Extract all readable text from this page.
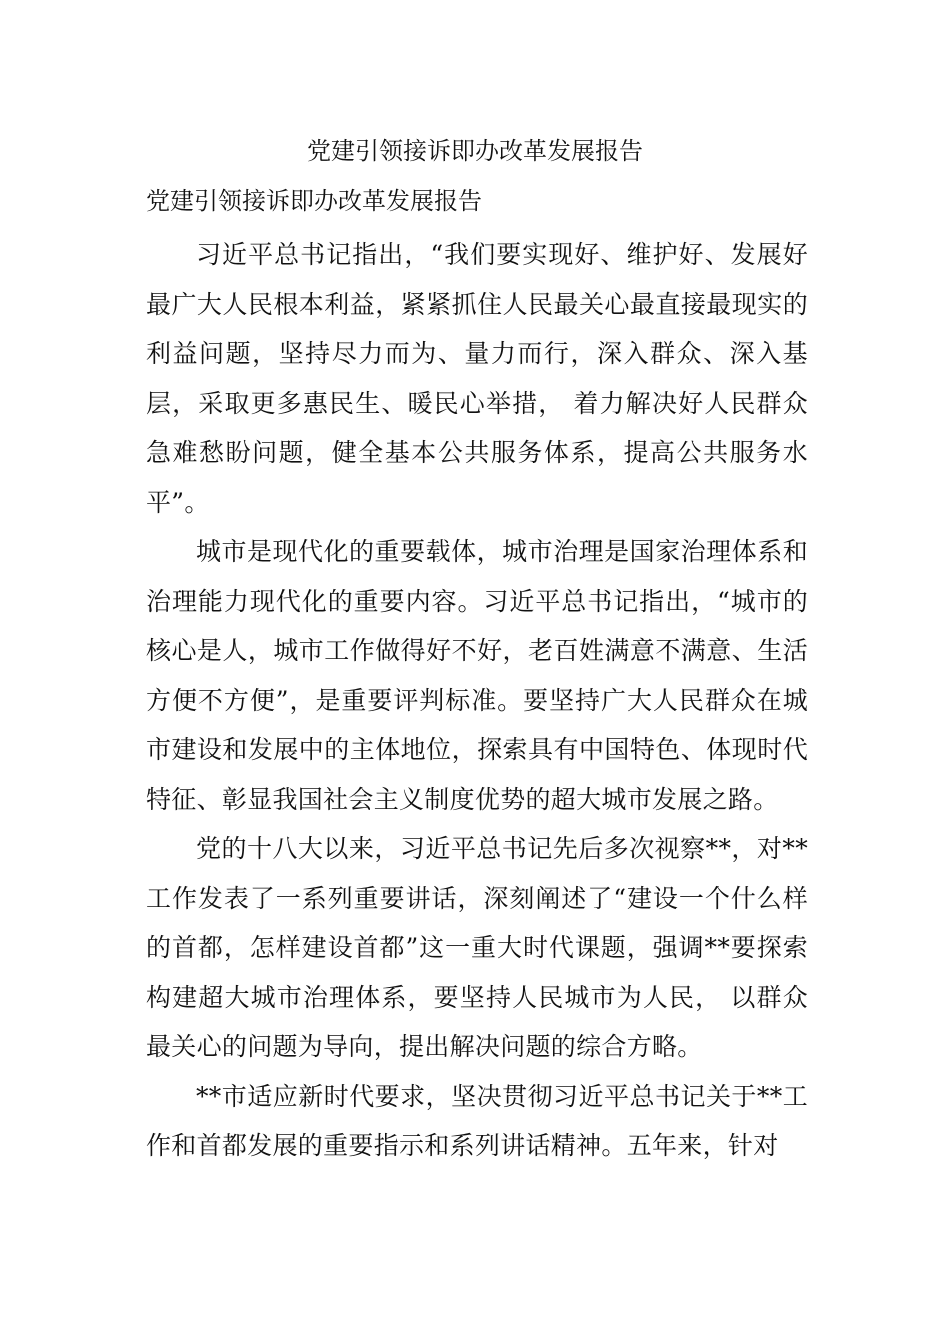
党建引领接诉即办改革发展报告
党建引领接诉即办改革发展报告

习近平总书记指出，“我们要实现好、维护好、发展好最广大人民根本利益，紧紧抓住人民最关心最直接最现实的利益问题，坚持尽力而为、量力而行，深入群众、深入基层，采取更多惠民生、暖民心举措， 着力解决好人民群众急难愁盼问题，健全基本公共服务体系，提高公共服务水平”。

城市是现代化的重要载体，城市治理是国家治理体系和治理能力现代化的重要内容。习近平总书记指出，“城市的核心是人，城市工作做得好不好，老百姓满意不满意、生活方便不方便”，是重要评判标准。要坚持广大人民群众在城市建设和发展中的主体地位，探索具有中国特色、体现时代特征、彰显我国社会主义制度优势的超大城市发展之路。

党的十八大以来，习近平总书记先后多次视察**，对**工作发表了一系列重要讲话，深刻阐述了“建设一个什么样的首都，怎样建设首都”这一重大时代课题，强调**要探索构建超大城市治理体系，要坚持人民城市为人民， 以群众最关心的问题为导向，提出解决问题的综合方略。

**市适应新时代要求，坚决贯彻习近平总书记关于**工作和首都发展的重要指示和系列讲话精神。五年来，针对
